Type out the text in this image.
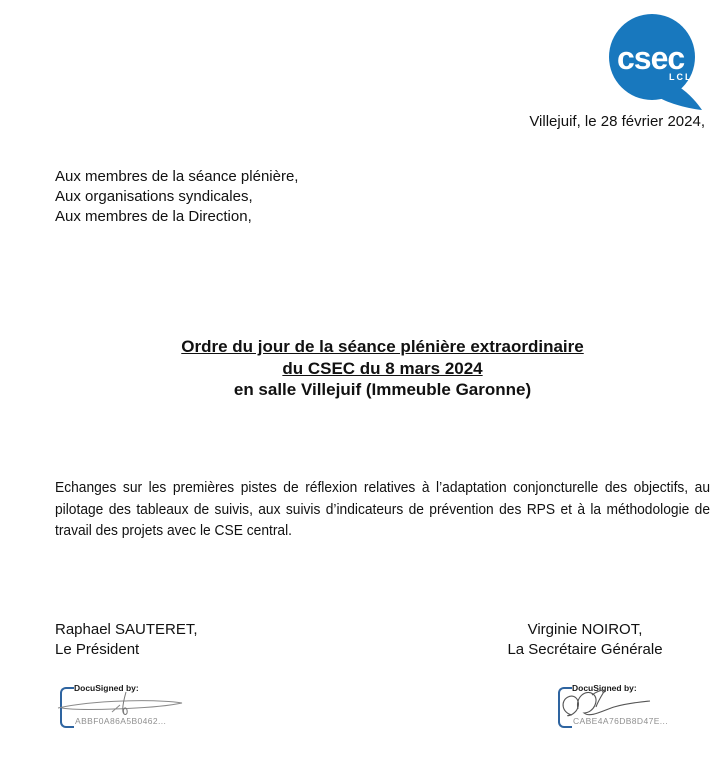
csec
LCL
Villejuif, le 28 février 2024,
Aux membres de la séance plénière,
Aux organisations syndicales,
Aux membres de la Direction,
Ordre du jour de la séance plénière extraordinaire
du CSEC du 8 mars 2024
en salle Villejuif (Immeuble Garonne)
Echanges sur les premières pistes de réflexion relatives à l’adaptation conjoncturelle des objectifs, au pilotage des tableaux de suivis, aux suivis d’indicateurs de prévention des RPS et à la méthodologie de travail des projets avec le CSE central.
Raphael SAUTERET,
Le Président
Virginie NOIROT,
La Secrétaire Générale
DocuSigned by:
ABBF0A86A5B0462...
DocuSigned by:
CABE4A76DB8D47E...
